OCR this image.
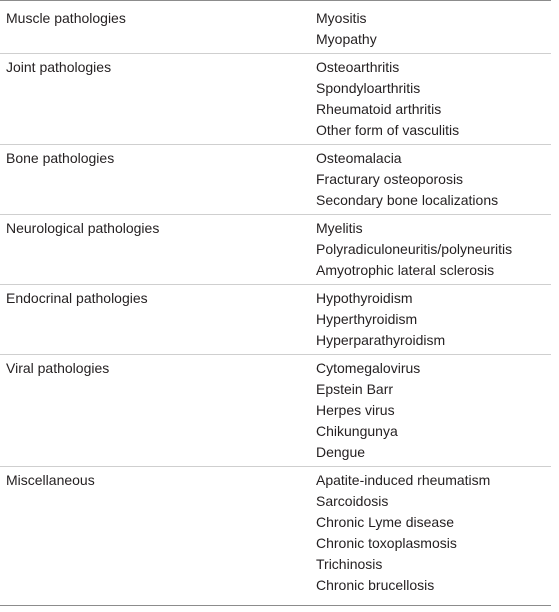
Muscle pathologies	Myositis
Myopathy
Joint pathologies	Osteoarthritis
Spondyloarthritis
Rheumatoid arthritis
Other form of vasculitis
Bone pathologies	Osteomalacia
Fracturary osteoporosis
Secondary bone localizations
Neurological pathologies	Myelitis
Polyradiculoneuritis/polyneuritis
Amyotrophic lateral sclerosis
Endocrinal pathologies	Hypothyroidism
Hyperthyroidism
Hyperparathyroidism
Viral pathologies	Cytomegalovirus
Epstein Barr
Herpes virus
Chikungunya
Dengue
Miscellaneous	Apatite-induced rheumatism
Sarcoidosis
Chronic Lyme disease
Chronic toxoplasmosis
Trichinosis
Chronic brucellosis
